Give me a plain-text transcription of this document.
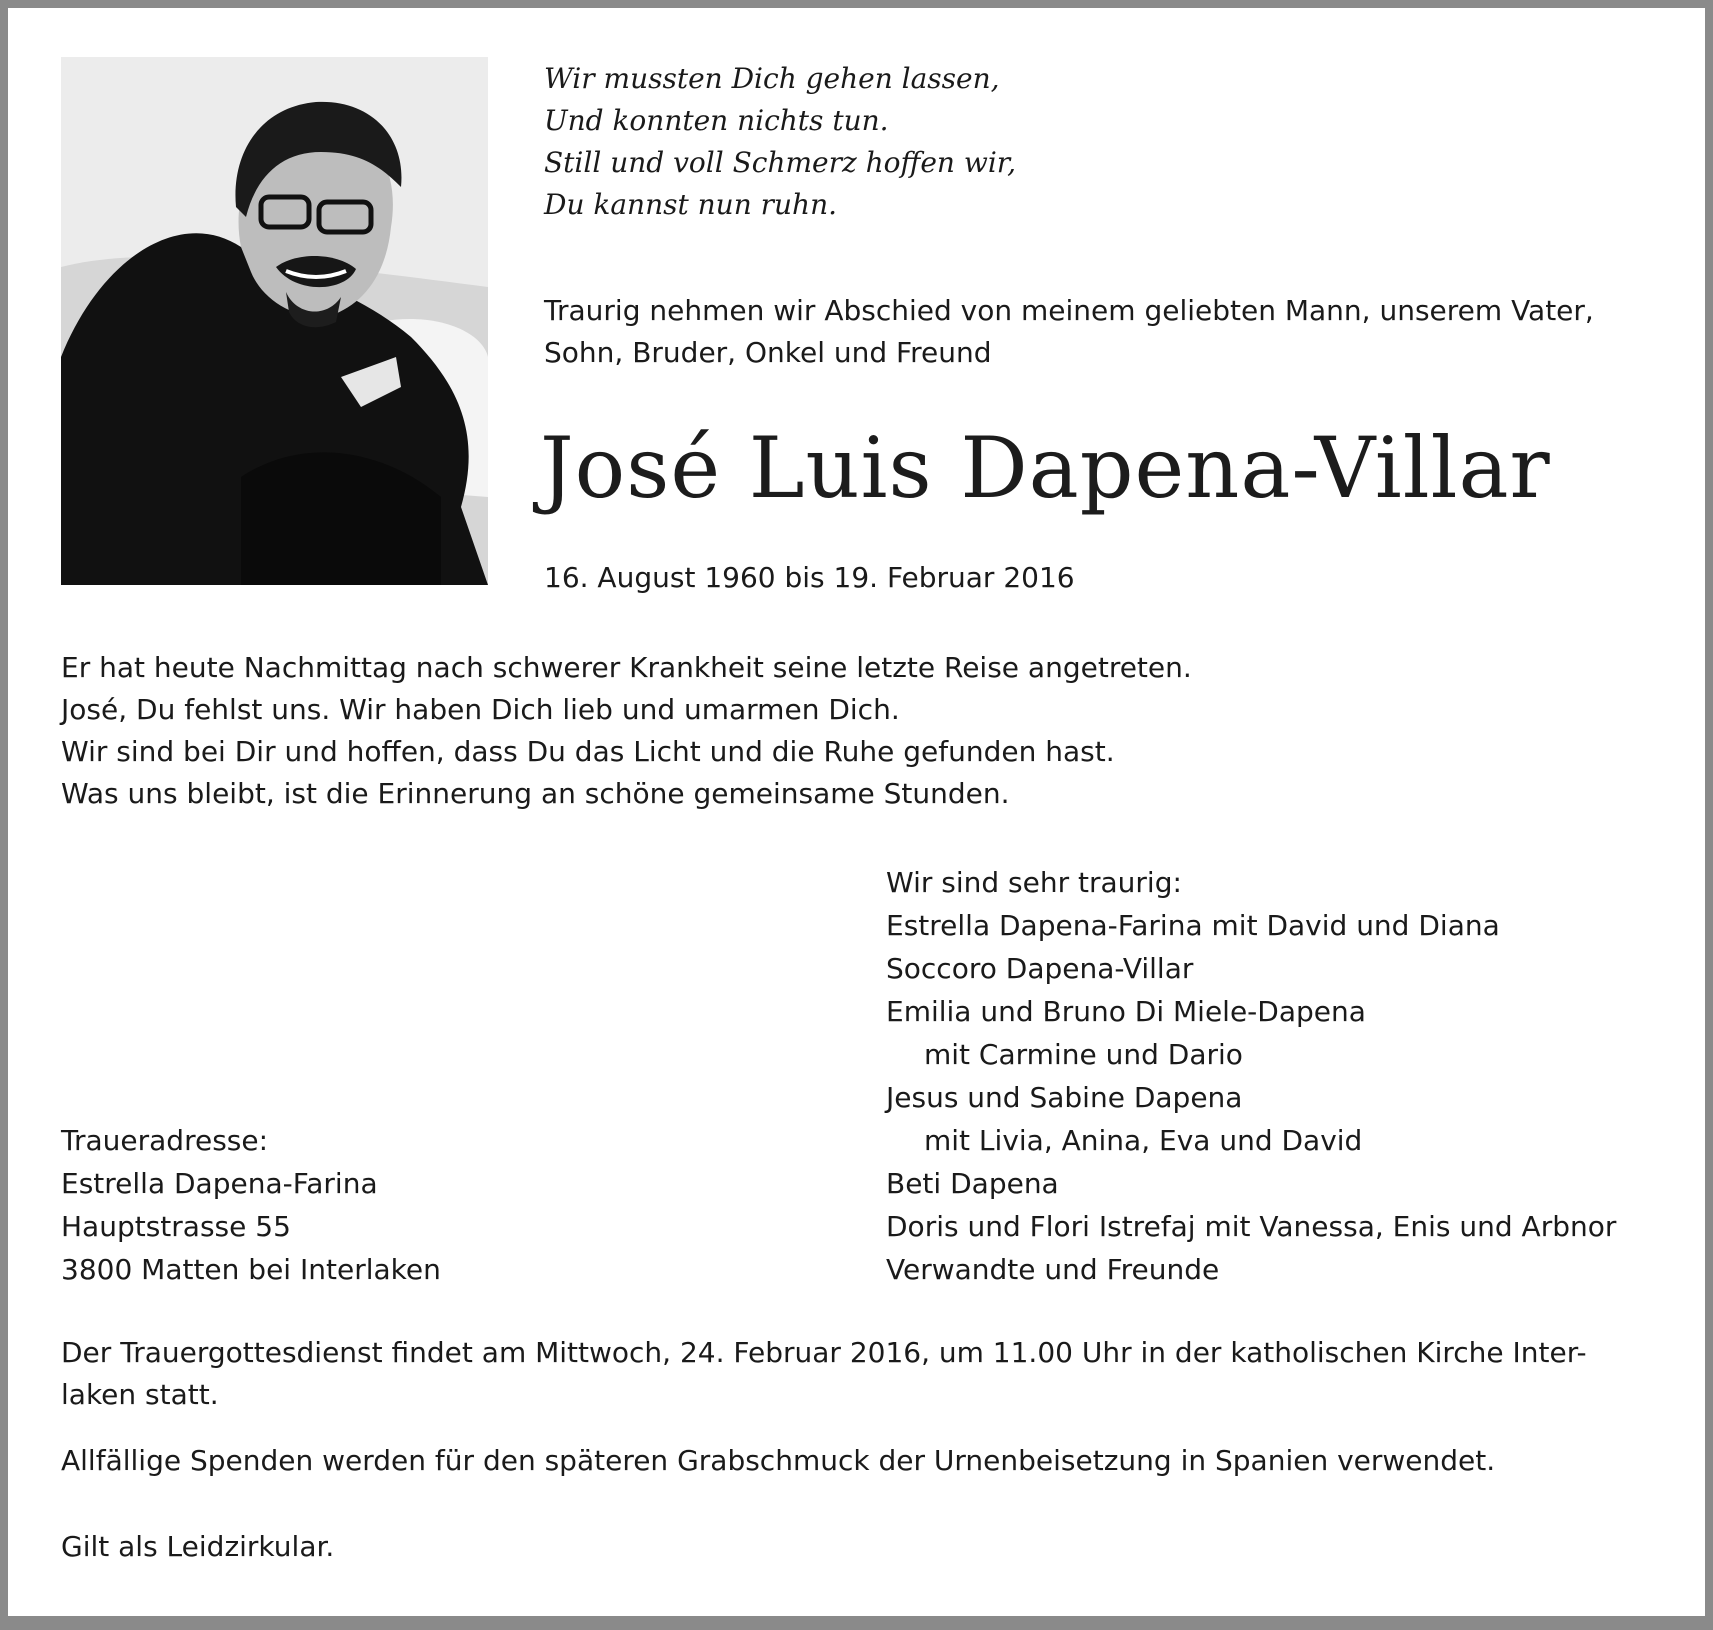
Wir mussten Dich gehen lassen,
Und konnten nichts tun.
Still und voll Schmerz hoffen wir,
Du kannst nun ruhn.
Traurig nehmen wir Abschied von meinem geliebten Mann, unserem Vater,
Sohn, Bruder, Onkel und Freund
José Luis Dapena-Villar
16. August 1960 bis 19. Februar 2016
Er hat heute Nachmittag nach schwerer Krankheit seine letzte Reise angetreten.
José, Du fehlst uns. Wir haben Dich lieb und umarmen Dich.
Wir sind bei Dir und hoffen, dass Du das Licht und die Ruhe gefunden hast.
Was uns bleibt, ist die Erinnerung an schöne gemeinsame Stunden.
Wir sind sehr traurig:
Estrella Dapena-Farina mit David und Diana
Soccoro Dapena-Villar
Emilia und Bruno Di Miele-Dapena
mit Carmine und Dario
Jesus und Sabine Dapena
mit Livia, Anina, Eva und David
Beti Dapena
Doris und Flori Istrefaj mit Vanessa, Enis und Arbnor
Verwandte und Freunde
Traueradresse:
Estrella Dapena-Farina
Hauptstrasse 55
3800 Matten bei Interlaken
Der Trauergottesdienst findet am Mittwoch, 24. Februar 2016, um 11.00 Uhr in der katholischen Kirche Inter-
laken statt.
Allfällige Spenden werden für den späteren Grabschmuck der Urnenbeisetzung in Spanien verwendet.
Gilt als Leidzirkular.
